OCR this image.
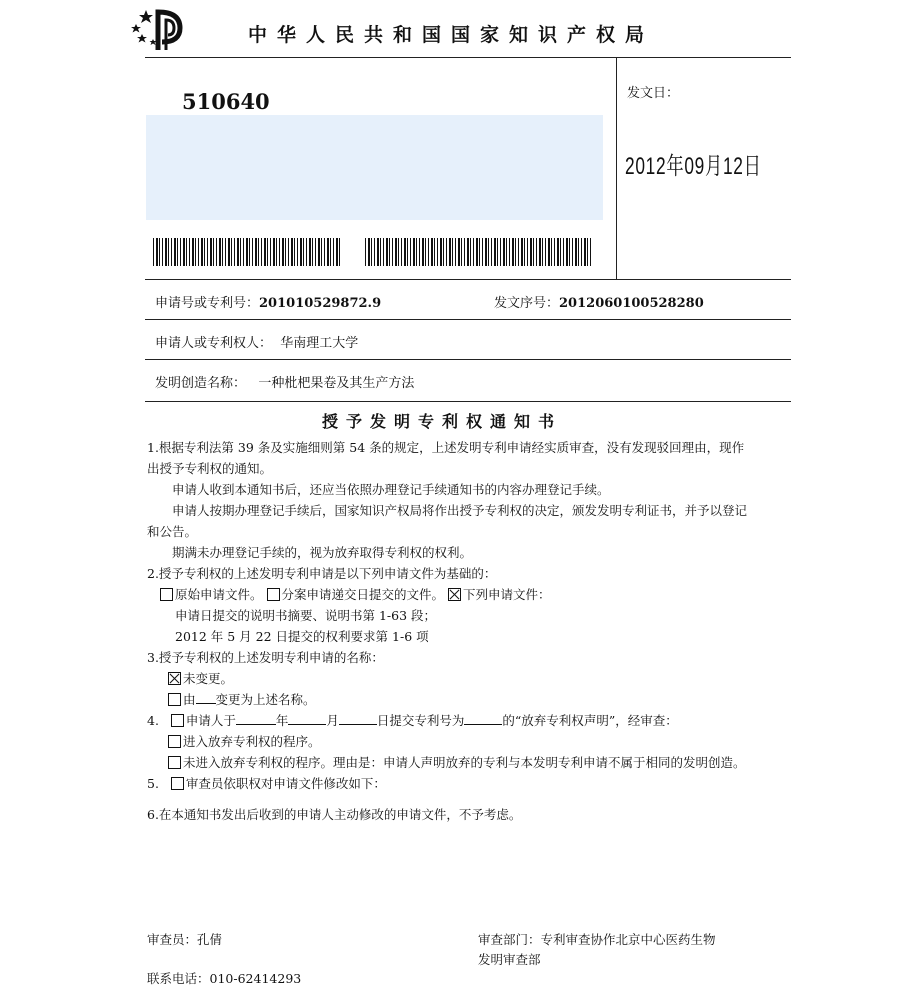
中华人民共和国国家知识产权局
510640	发文日：
2012年09月12日
申请号或专利号：201010529872.9	发文序号：2012060100528280
申请人或专利权人： 华南理工大学
发明创造名称： 一种枇杷果卷及其生产方法
授予发明专利权通知书
1.根据专利法第 39 条及实施细则第 54 条的规定，上述发明专利申请经实质审查，没有发现驳回理由，现作
出授予专利权的通知。
申请人收到本通知书后，还应当依照办理登记手续通知书的内容办理登记手续。
申请人按期办理登记手续后，国家知识产权局将作出授予专利权的决定，颁发发明专利证书，并予以登记
和公告。
期满未办理登记手续的，视为放弃取得专利权的权利。
2.授予专利权的上述发明专利申请是以下列申请文件为基础的：
原始申请文件。 分案申请递交日提交的文件。 下列申请文件：
申请日提交的说明书摘要、说明书第 1-63 段；
2012 年 5 月 22 日提交的权利要求第 1-6 项
3.授予专利权的上述发明专利申请的名称：
未变更。
由 变更为上述名称。
4. 申请人于	年	月	日提交专利号为	的“放弃专利权声明”，经审查：
进入放弃专利权的程序。
未进入放弃专利权的程序。理由是：申请人声明放弃的专利与本发明专利申请不属于相同的发明创造。
5. 审查员依职权对申请文件修改如下：
6.在本通知书发出后收到的申请人主动修改的申请文件，不予考虑。
审查员：孔倩	审查部门：专利审查协作北京中心医药生物
发明审查部
联系电话：010-62414293
